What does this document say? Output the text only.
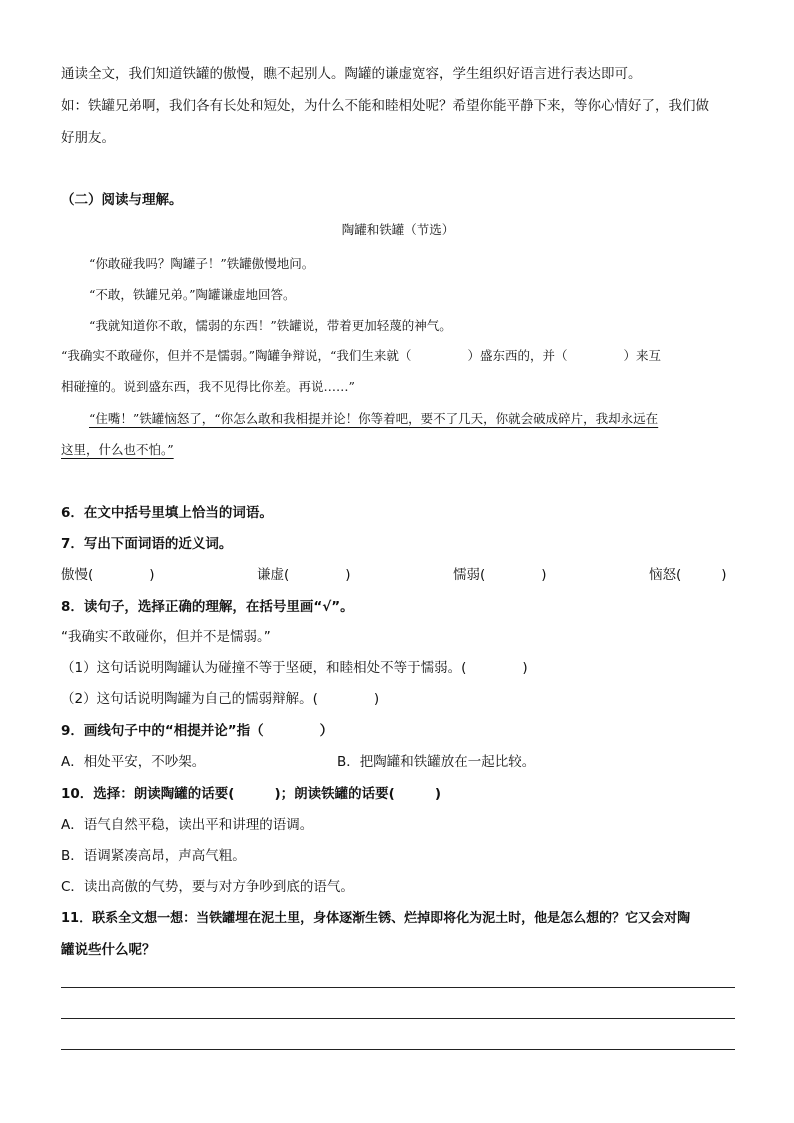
通读全文，我们知道铁罐的傲慢，瞧不起别人。陶罐的谦虚宽容，学生组织好语言进行表达即可。
如：铁罐兄弟啊，我们各有长处和短处，为什么不能和睦相处呢？希望你能平静下来，等你心情好了，我们做
好朋友。
（二）阅读与理解。
陶罐和铁罐（节选）
“你敢碰我吗？陶罐子！”铁罐傲慢地问。
“不敢，铁罐兄弟。”陶罐谦虚地回答。
“我就知道你不敢，懦弱的东西！”铁罐说，带着更加轻蔑的神气。
“我确实不敢碰你，但并不是懦弱。”陶罐争辩说，“我们生来就（	）盛东西的，并（	）来互
相碰撞的。说到盛东西，我不见得比你差。再说……”
“住嘴！”铁罐恼怒了，“你怎么敢和我相提并论！你等着吧，要不了几天，你就会破成碎片，我却永远在
这里，什么也不怕。”
6．在文中括号里填上恰当的词语。
7．写出下面词语的近义词。
傲慢(	)	谦虚(	)	懦弱(	)	恼怒(	)
8．读句子，选择正确的理解，在括号里画“√”。
“我确实不敢碰你，但并不是懦弱。”
（1）这句话说明陶罐认为碰撞不等于坚硬，和睦相处不等于懦弱。(	)
（2）这句话说明陶罐为自己的懦弱辩解。(	)
9．画线句子中的“相提并论”指（	）
A．相处平安，不吵架。	B．把陶罐和铁罐放在一起比较。
10．选择：朗读陶罐的话要(	)；朗读铁罐的话要(	)
A．语气自然平稳，读出平和讲理的语调。
B．语调紧凑高昂，声高气粗。
C．读出高傲的气势，要与对方争吵到底的语气。
11．联系全文想一想：当铁罐埋在泥土里，身体逐渐生锈、烂掉即将化为泥土时，他是怎么想的？它又会对陶
罐说些什么呢？
